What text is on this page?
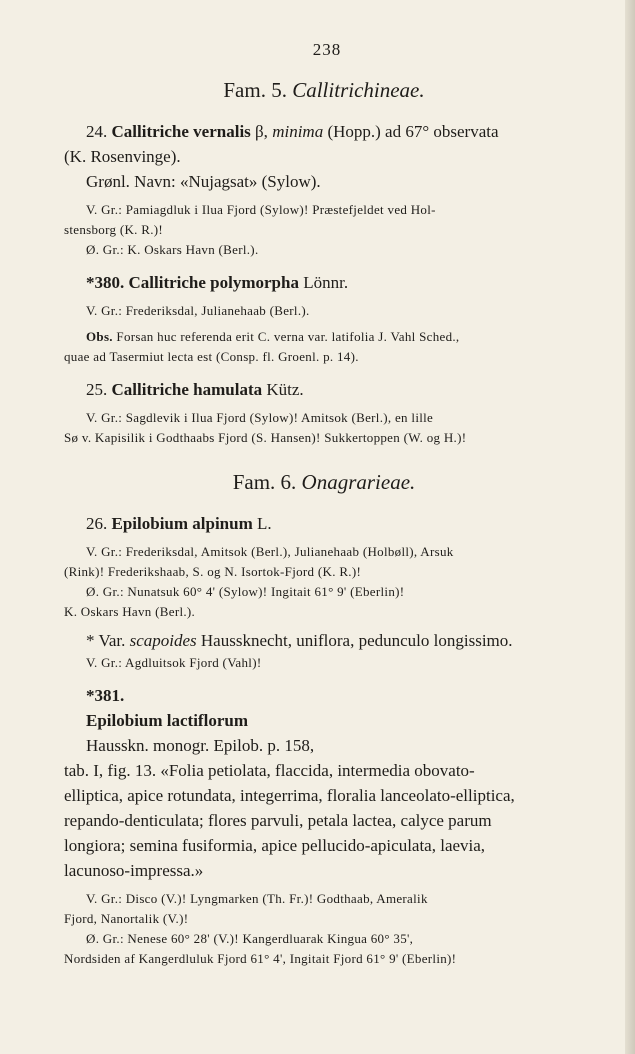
238
Fam. 5. Callitrichineae.

24. Callitriche vernalis β, minima (Hopp.) ad 67° observata

(K. Rosenvinge).

Grønl. Navn: «Nujagsat» (Sylow).

V. Gr.: Pamiagdluk i Ilua Fjord (Sylow)! Præstefjeldet ved Hol-

stensborg (K. R.)!

Ø. Gr.: K. Oskars Havn (Berl.).

*380. Callitriche polymorpha Lönnr.

V. Gr.: Frederiksdal, Julianehaab (Berl.).

Obs. Forsan huc referenda erit C. verna var. latifolia J. Vahl Sched.,

quae ad Tasermiut lecta est (Consp. fl. Groenl. p. 14).

25. Callitriche hamulata Kütz.

V. Gr.: Sagdlevik i Ilua Fjord (Sylow)! Amitsok (Berl.), en lille

Sø v. Kapisilik i Godthaabs Fjord (S. Hansen)! Sukkertoppen (W. og H.)!

Fam. 6. Onagrarieae.

26. Epilobium alpinum L.

V. Gr.: Frederiksdal, Amitsok (Berl.), Julianehaab (Holbøll), Arsuk

(Rink)! Frederikshaab, S. og N. Isortok-Fjord (K. R.)!

Ø. Gr.: Nunatsuk 60° 4' (Sylow)! Ingitait 61° 9' (Eberlin)!

K. Oskars Havn (Berl.).

* Var. scapoides Haussknecht, uniflora, pedunculo longissimo.

V. Gr.: Agdluitsok Fjord (Vahl)!

*381.
Epilobium lactiflorum
Hausskn. monogr. Epilob. p. 158,
tab. I, fig. 13. «Folia petiolata, flaccida, intermedia obovato-
elliptica, apice rotundata, integerrima, floralia lanceolato-elliptica,
repando-denticulata; flores parvuli, petala lactea, calyce parum
longiora; semina fusiformia, apice pellucido-apiculata, laevia,
lacunoso-impressa.»

V. Gr.: Disco (V.)! Lyngmarken (Th. Fr.)! Godthaab, Ameralik

Fjord, Nanortalik (V.)!

Ø. Gr.: Nenese 60° 28' (V.)! Kangerdluarak Kingua 60° 35',

Nordsiden af Kangerdluluk Fjord 61° 4', Ingitait Fjord 61° 9' (Eberlin)!
